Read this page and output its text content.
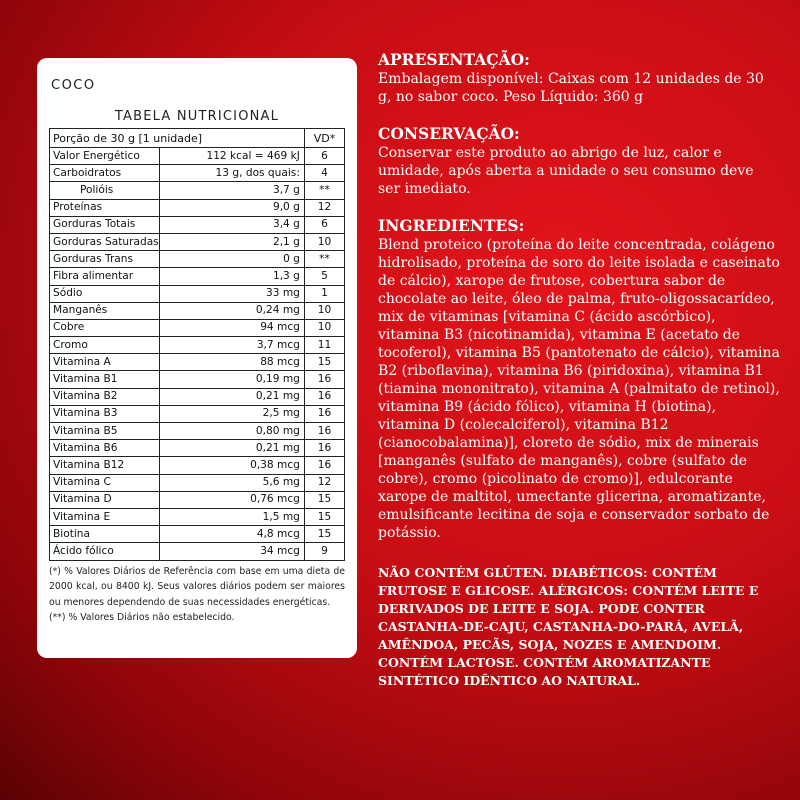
COCO
TABELA NUTRICIONAL
Porção de 30 g [1 unidade]		VD*
Valor Energético	112 kcal = 469 kJ	6
Carboidratos	13 g, dos quais:	4
Polióis	3,7 g	**
Proteínas	9,0 g	12
Gorduras Totais	3,4 g	6
Gorduras Saturadas	2,1 g	10
Gorduras Trans	0 g	**
Fibra alimentar	1,3 g	5
Sódio	33 mg	1
Manganês	0,24 mg	10
Cobre	94 mcg	10
Cromo	3,7 mcg	11
Vitamina A	88 mcg	15
Vitamina B1	0,19 mg	16
Vitamina B2	0,21 mg	16
Vitamina B3	2,5 mg	16
Vitamina B5	0,80 mg	16
Vitamina B6	0,21 mg	16
Vitamina B12	0,38 mcg	16
Vitamina C	5,6 mg	12
Vitamina D	0,76 mcg	15
Vitamina E	1,5 mg	15
Biotina	4,8 mcg	15
Ácido fólico	34 mcg	9

(*) % Valores Diários de Referência com base em uma dieta de 2000 kcal, ou 8400 kJ. Seus valores diários podem ser maiores ou menores dependendo de suas necessidades energéticas.

(**) % Valores Diários não estabelecido.

APRESENTAÇÃO:

Embalagem disponível: Caixas com 12 unidades de 30 g, no sabor coco. Peso Líquido: 360 g

CONSERVAÇÃO:

Conservar este produto ao abrigo de luz, calor e umidade, após aberta a unidade o seu consumo deve ser imediato.

INGREDIENTES:

Blend proteico (proteína do leite concentrada, colágeno hidrolisado, proteína de soro do leite isolada e caseinato de cálcio), xarope de frutose, cobertura sabor de chocolate ao leite, óleo de palma, fruto-oligossacarídeo, mix de vitaminas [vitamina C (ácido ascórbico), vitamina B3 (nicotinamida), vitamina E (acetato de tocoferol), vitamina B5 (pantotenato de cálcio), vitamina B2 (riboflavina), vitamina B6 (piridoxina), vitamina B1 (tiamina mononitrato), vitamina A (palmitato de retinol), vitamina B9 (ácido fólico), vitamina H (biotina), vitamina D (colecalciferol), vitamina B12 (cianocobalamina)], cloreto de sódio, mix de minerais [manganês (sulfato de manganês), cobre (sulfato de cobre), cromo (picolinato de cromo)], edulcorante xarope de maltitol, umectante glicerina, aromatizante, emulsificante lecitina de soja e conservador sorbato de potássio.

NÃO CONTÉM GLÚTEN. DIABÉTICOS: CONTÉM FRUTOSE E GLICOSE. ALÉRGICOS: CONTÉM LEITE E DERIVADOS DE LEITE E SOJA. PODE CONTER CASTANHA-DE-CAJU, CASTANHA-DO-PARÁ, AVELÃ, AMÊNDOA, PECÃS, SOJA, NOZES E AMENDOIM. CONTÉM LACTOSE. CONTÉM AROMATIZANTE SINTÉTICO IDÊNTICO AO NATURAL.
